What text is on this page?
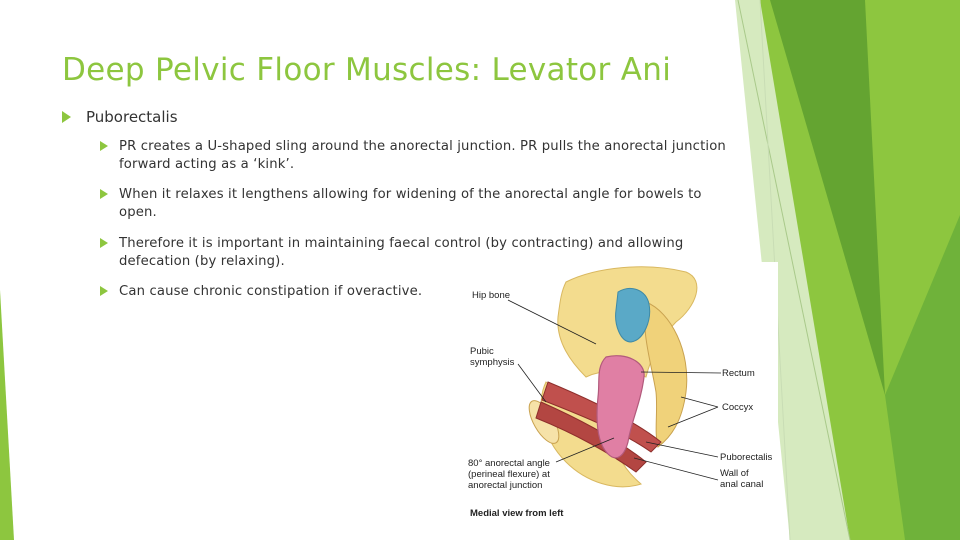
Deep Pelvic Floor Muscles: Levator Ani
Puborectalis
PR creates a U-shaped sling around the anorectal junction. PR pulls the anorectal junction forward acting as a ‘kink’.
When it relaxes it lengthens allowing for widening of the anorectal angle for bowels to open.
Therefore it is important in maintaining faecal control (by contracting) and allowing defecation (by relaxing).
Can cause chronic constipation if overactive.	Hip bone
Pubic
symphysis
Rectum
Coccyx
80° anorectal angle
(perineal flexure) at
anorectal junction
Puborectalis
Wall of
anal canal
Medial view from left
